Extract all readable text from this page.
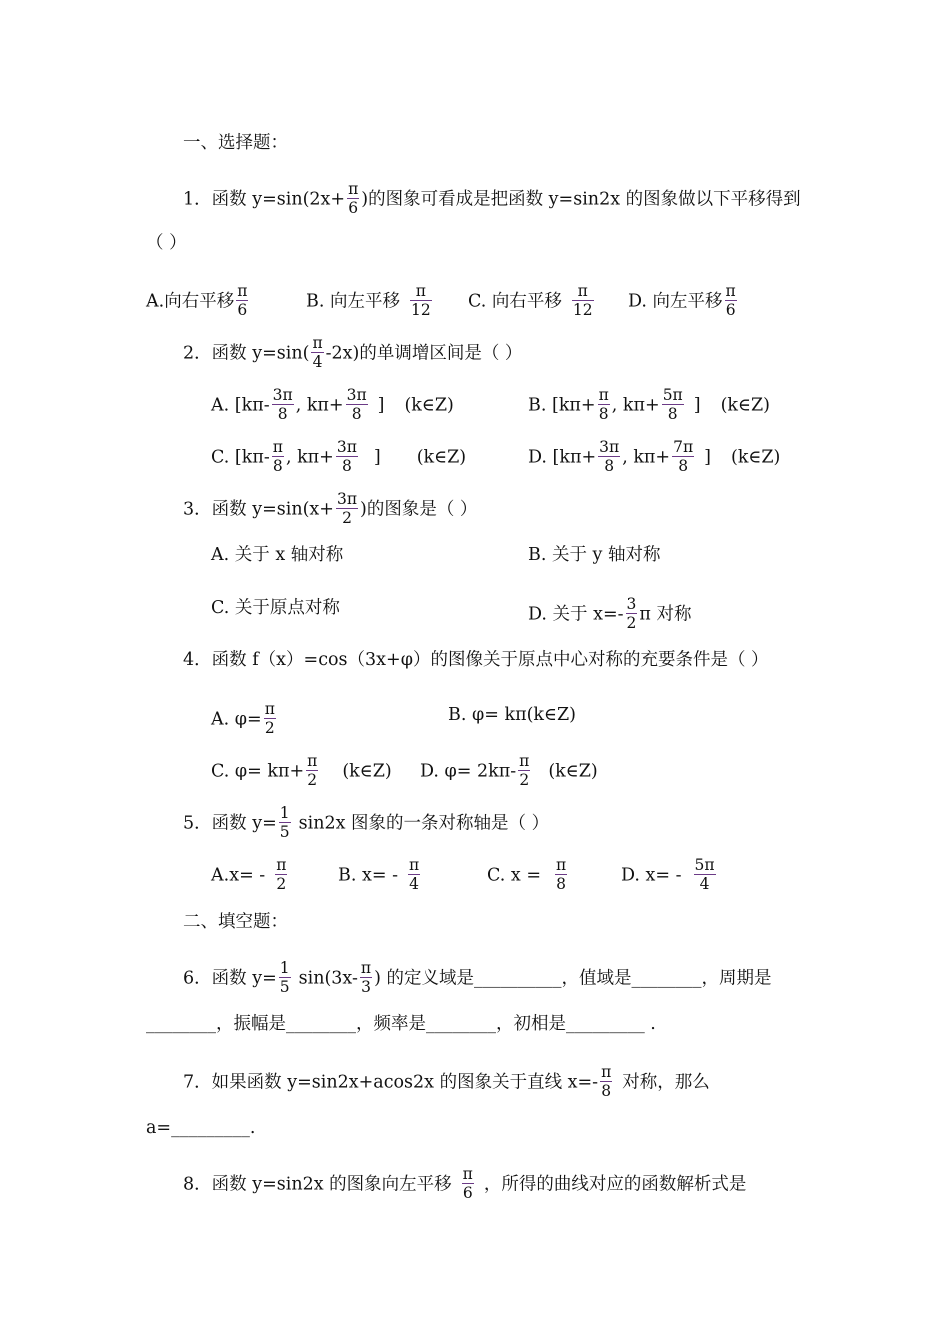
一、选择题：
1．函数 $y=\sin(2x+ \frac{\pi}{6}$ )的图象可看成是把函数 y=sin2x 的图象做以下平移得到
（ ）
A.向右平移 $\frac{\pi}{6}$	B. 向左平移 $\frac{\pi}{12} C$. 向右平移 $\frac{\pi}{12} D$. 向左平移 $\frac{\pi}{6}$
2．函数 $y=\sin( \frac{\pi}{4} -2x)$的单调增区间是（ ）
A. [$k\pi- \frac{3\pi}{8}$ , $k\pi+ \frac{3\pi}{8}$ ] (k∈Z)	B. [$k\pi+ \frac{\pi}{8}$ , $k\pi+ \frac{5\pi}{8}$ ] (k∈Z)
C. [$k\pi- \frac{\pi}{8}$ , $k\pi+ \frac{3\pi}{8}$ ] (k∈Z)	D. [$k\pi+ \frac{3\pi}{8}$ , $k\pi+ \frac{7\pi}{8}$ ] (k∈Z)
3．函数 $y=\sin(x+ \frac{3\pi}{2}$ )的图象是（ ）
A. 关于 x 轴对称	B. 关于 y 轴对称
C. 关于原点对称	D. 关于 $x=- \frac{3}{2}$ π 对称
4．函数 f（x）=cos（3x+φ）的图像关于原点中心对称的充要条件是（ ）
A. $\varphi= \frac{\pi}{2}$	B. φ= kπ(k∈Z)
C. $\varphi= k\pi+ \frac{\pi}{2}$ (k∈Z) D. $\varphi= 2k\pi- \frac{\pi}{2}$ (k∈Z)
5．函数 $y= \frac{1}{5} \sin 2x$ 图象的一条对称轴是（ ）
$A.x= - \frac{\pi}{2}$	B. $x= - \frac{\pi}{4}$	C. $x = \frac{\pi}{8}$	D. $x= - \frac{5\pi}{4}$
二、填空题：
6．函数 $y= \frac{1}{5} \sin(3x- \frac{\pi}{3}$ ) 的定义域是__________，值域是________，周期是
________，振幅是________，频率是________，初相是_________ .
7．如果函数 y=sin2x+acos2x 的图象关于直线 $x=- \frac{\pi}{8}$ 对称，那么
a=_________.
8．函数 y=sin2x 的图象向左平移 $\frac{\pi}{6}$ ，所得的曲线对应的函数解析式是
